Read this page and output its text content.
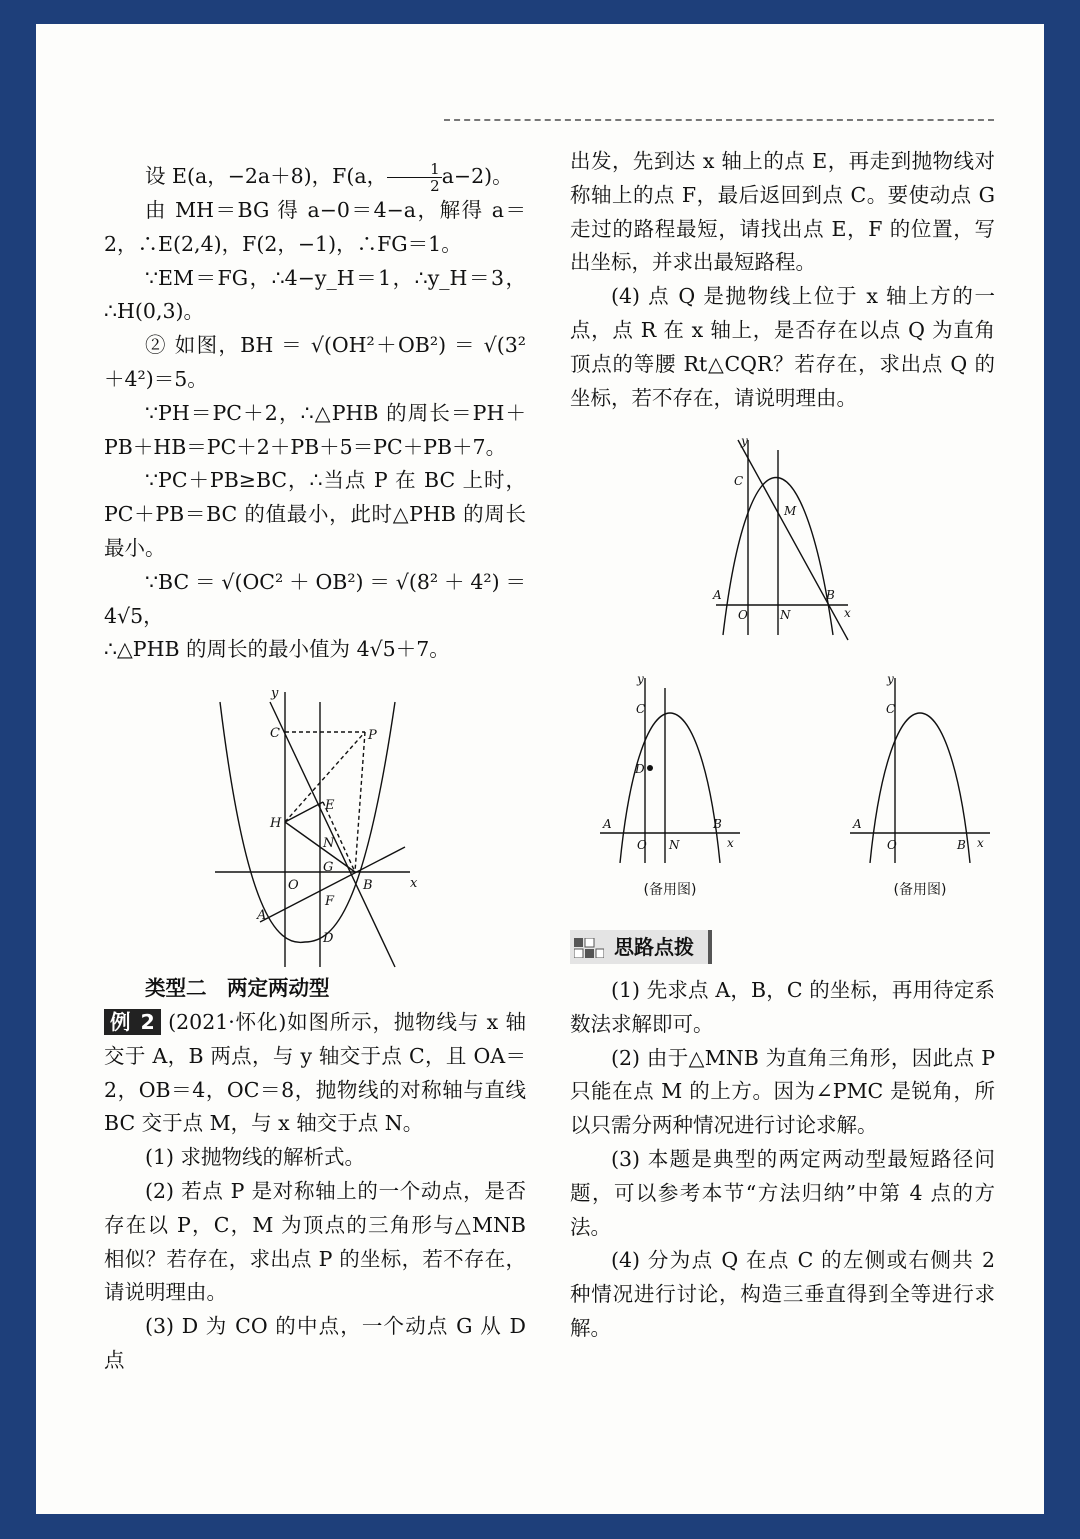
设 E(a，−2a＋8)，F(a， $\frac{1}{2} a-2$)。

由 MH＝BG 得 a−0＝4−a，解得 a＝2，∴E(2,4)，F(2，−1)，∴FG＝1。

∵EM＝FG，∴4−y_H＝1，∴y_H＝3，∴H(0,3)。

② 如图，BH ＝ √(OH²＋OB²) ＝ √(3²＋4²)＝5。

∵PH＝PC＋2，∴△PHB 的周长＝PH＋PB＋HB＝PC＋2＋PB＋5＝PC＋PB＋7。

∵PC＋PB≥BC，∴当点 P 在 BC 上时，PC＋PB＝BC 的值最小，此时△PHB 的周长最小。

∵BC＝√(OC²＋OB²)＝√(8²＋4²)＝4√5，

∴△PHB 的周长的最小值为 4√5＋7。

y
x
C	P
E
H
N
G
O	B
F
A
D

类型二　两定两动型

例 2 (2021·怀化)如图所示，抛物线与 x 轴交于 A，B 两点，与 y 轴交于点 C，且 OA＝2，OB＝4，OC＝8，抛物线的对称轴与直线 BC 交于点 M，与 x 轴交于点 N。

(1) 求抛物线的解析式。

(2) 若点 P 是对称轴上的一个动点，是否存在以 P，C，M 为顶点的三角形与△MNB 相似？若存在，求出点 P 的坐标，若不存在，请说明理由。

(3) D 为 CO 的中点，一个动点 G 从 D 点

出发，先到达 x 轴上的点 E，再走到抛物线对称轴上的点 F，最后返回到点 C。要使动点 G 走过的路程最短，请找出点 E，F 的位置，写出坐标，并求出最短路程。

(4) 点 Q 是抛物线上位于 x 轴上方的一点，点 R 在 x 轴上，是否存在以点 Q 为直角顶点的等腰 Rt△CQR？若存在，求出点 Q 的坐标，若不存在，请说明理由。

y
C
M
A
O	N
B
x
y
C
D
A
O N
B
x
(备用图)
y
C
A
O	B x
(备用图)
思路点拨

(1) 先求点 A，B，C 的坐标，再用待定系数法求解即可。

(2) 由于△MNB 为直角三角形，因此点 P 只能在点 M 的上方。因为∠PMC 是锐角，所以只需分两种情况进行讨论求解。

(3) 本题是典型的两定两动型最短路径问题，可以参考本节“方法归纳”中第 4 点的方法。

(4) 分为点 Q 在点 C 的左侧或右侧共 2 种情况进行讨论，构造三垂直得到全等进行求解。
